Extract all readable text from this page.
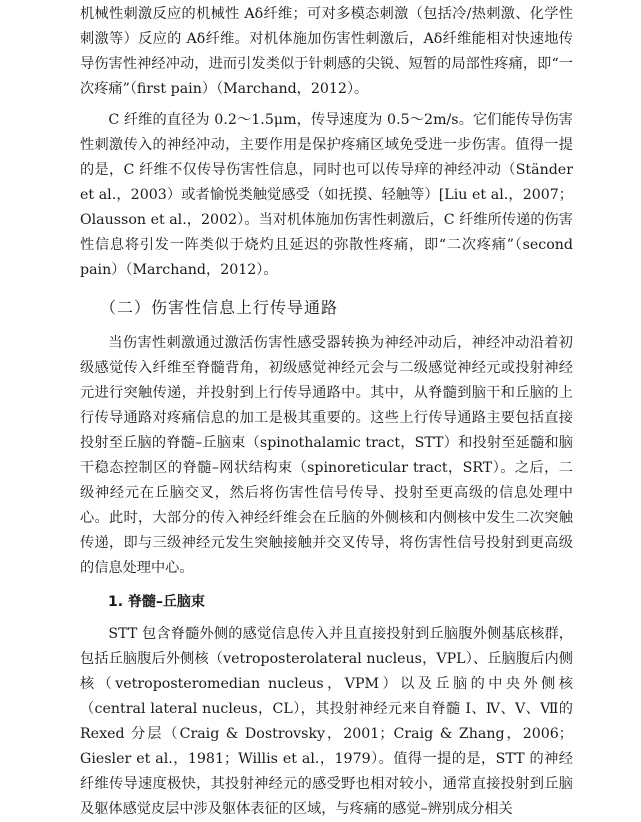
机械性刺激反应的机械性 Aδ纤维；可对多模态刺激（包括冷/热刺激、化学性刺激等）反应的 Aδ纤维。对机体施加伤害性刺激后，Aδ纤维能相对快速地传导伤害性神经冲动，进而引发类似于针刺感的尖锐、短暂的局部性疼痛，即“一次疼痛”（first pain）（Marchand，2012）。

C 纤维的直径为 0.2～1.5μm，传导速度为 0.5～2m/s。它们能传导伤害性刺激传入的神经冲动，主要作用是保护疼痛区域免受进一步伤害。值得一提的是，C 纤维不仅传导伤害性信息，同时也可以传导痒的神经冲动（Ständer et al.，2003）或者愉悦类触觉感受（如抚摸、轻触等）[Liu et al.，2007；Olausson et al.，2002）。当对机体施加伤害性刺激后，C 纤维所传递的伤害性信息将引发一阵类似于烧灼且延迟的弥散性疼痛，即“二次疼痛”（second pain）（Marchand，2012）。

（二）伤害性信息上行传导通路

当伤害性刺激通过激活伤害性感受器转换为神经冲动后，神经冲动沿着初级感觉传入纤维至脊髓背角，初级感觉神经元会与二级感觉神经元或投射神经元进行突触传递，并投射到上行传导通路中。其中，从脊髓到脑干和丘脑的上行传导通路对疼痛信息的加工是极其重要的。这些上行传导通路主要包括直接投射至丘脑的脊髓–丘脑束（spinothalamic tract，STT）和投射至延髓和脑干稳态控制区的脊髓–网状结构束（spinoreticular tract，SRT）。之后，二级神经元在丘脑交叉，然后将伤害性信号传导、投射至更高级的信息处理中心。此时，大部分的传入神经纤维会在丘脑的外侧核和内侧核中发生二次突触传递，即与三级神经元发生突触接触并交叉传导，将伤害性信号投射到更高级的信息处理中心。

1. 脊髓–丘脑束

STT 包含脊髓外侧的感觉信息传入并且直接投射到丘脑腹外侧基底核群，包括丘脑腹后外侧核（vetroposterolateral nucleus，VPL）、丘脑腹后内侧核（vetroposteromedian nucleus，VPM）以及丘脑的中央外侧核（central lateral nucleus，CL），其投射神经元来自脊髓 Ⅰ、Ⅳ、Ⅴ、Ⅶ的 Rexed 分层（Craig & Dostrovsky，2001；Craig & Zhang，2006；Giesler et al.，1981；Willis et al.，1979）。值得一提的是，STT 的神经纤维传导速度极快，其投射神经元的感受野也相对较小，通常直接投射到丘脑及躯体感觉皮层中涉及躯体表征的区域，与疼痛的感觉–辨别成分相关
